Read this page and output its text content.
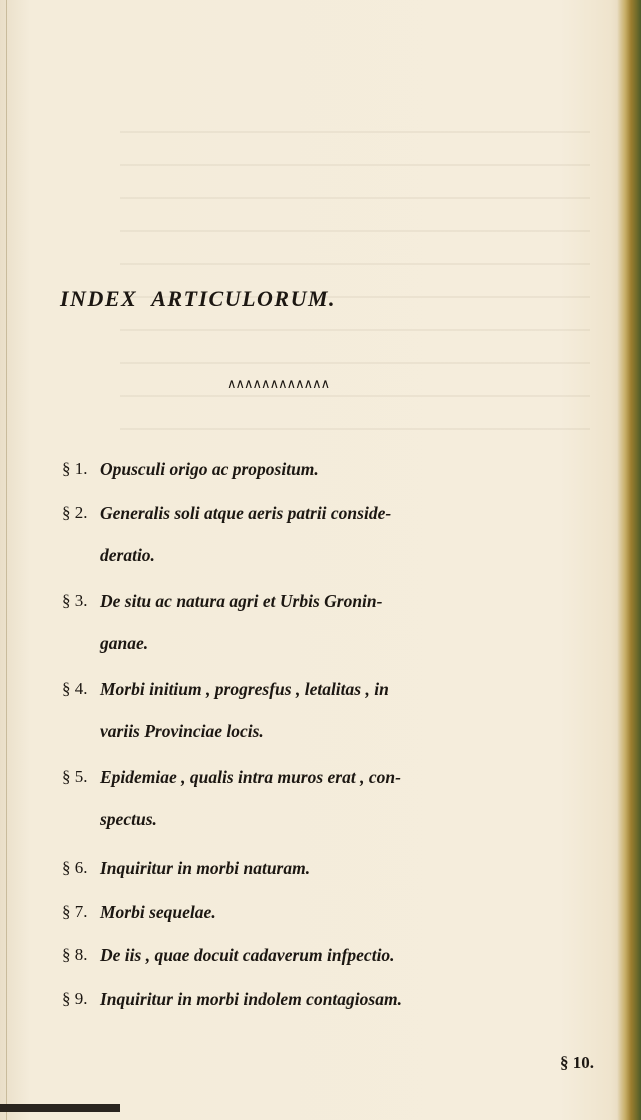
INDEX ARTICULORUM.
∧∧∧∧∧∧∧∧∧∧∧∧
§ 1. Opusculi origo ac propositum.
§ 2. Generalis soli atque aeris patrii conside-
deratio.
§ 3. De situ ac natura agri et Urbis Gronin-
ganae.
§ 4. Morbi initium , progresfus , letalitas , in
variis Provinciae locis.
§ 5. Epidemiae , qualis intra muros erat , con-
spectus.
§ 6. Inquiritur in morbi naturam.
§ 7. Morbi sequelae.
§ 8. De iis , quae docuit cadaverum infpectio.
§ 9. Inquiritur in morbi indolem contagiosam.
§ 10.
